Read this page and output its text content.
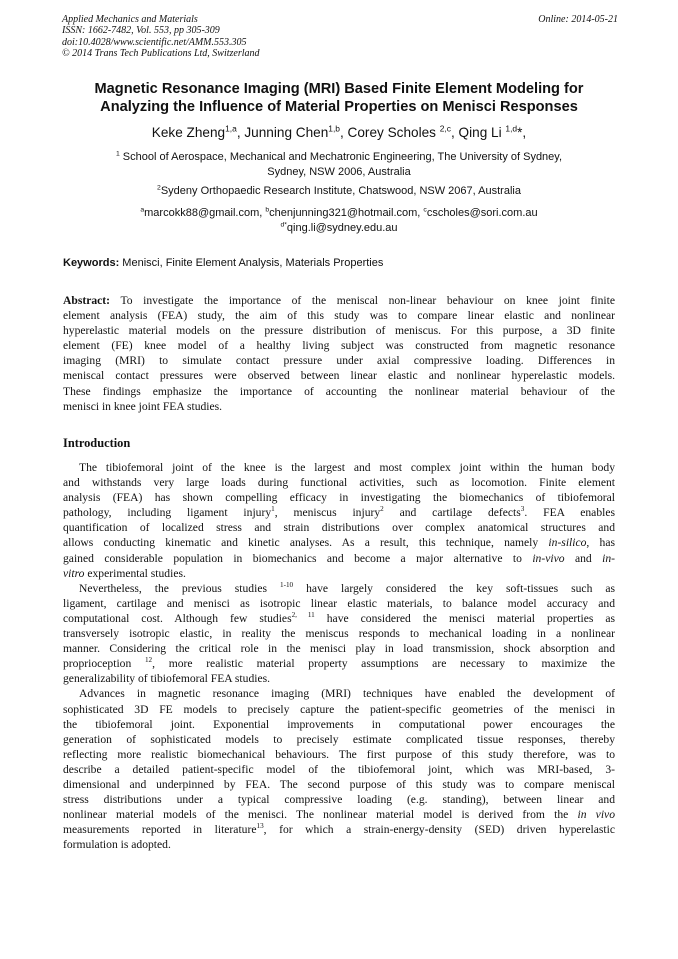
Applied Mechanics and Materials
ISSN: 1662-7482, Vol. 553, pp 305-309
doi:10.4028/www.scientific.net/AMM.553.305
© 2014 Trans Tech Publications Ltd, Switzerland
Online: 2014-05-21
Magnetic Resonance Imaging (MRI) Based Finite Element Modeling for
Analyzing the Influence of Material Properties on Menisci Responses
Keke Zheng$^{1,a}$, Junning Chen$^{1,b}$, Corey Scholes $^{2,c}$, Qing Li $^{1,d}$*,
$^1$ School of Aerospace, Mechanical and Mechatronic Engineering, The University of Sydney,
Sydney, NSW 2006, Australia
$^2$Sydeny Orthopaedic Research Institute, Chatswood, NSW 2067, Australia
$^a$marcokk88@gmail.com, $^b$chenjunning321@hotmail.com, $^c$cscholes@sori.com.au
$^{d*}$qing.li@sydney.edu.au
Keywords: Menisci, Finite Element Analysis, Materials Properties
Abstract: To investigate the importance of the meniscal non-linear behaviour on knee joint finite
element analysis (FEA) study, the aim of this study was to compare linear elastic and nonlinear
hyperelastic material models on the pressure distribution of meniscus. For this purpose, a 3D finite
element (FE) knee model of a healthy living subject was constructed from magnetic resonance
imaging (MRI) to simulate contact pressure under axial compressive loading. Differences in
meniscal contact pressures were observed between linear elastic and nonlinear hyperelastic models.
These findings emphasize the importance of accounting the nonlinear material behaviour of the
menisci in knee joint FEA studies.
Introduction
The tibiofemoral joint of the knee is the largest and most complex joint within the human body
and withstands very large loads during functional activities, such as locomotion. Finite element
analysis (FEA) has shown compelling efficacy in investigating the biomechanics of tibiofemoral
pathology, including ligament injury$^1$, meniscus injury$^2$ and cartilage defects$^3$. FEA enables
quantification of localized stress and strain distributions over complex anatomical structures and
allows conducting kinematic and kinetic analyses. As a result, this technique, namely in-silico, has
gained considerable population in biomechanics and become a major alternative to in-vivo and in-
vitro experimental studies.
Nevertheless, the previous studies $^{1-10}$ have largely considered the key soft-tissues such as
ligament, cartilage and menisci as isotropic linear elastic materials, to balance model accuracy and
computational cost. Although few studies$^{2, 11}$ have considered the menisci material properties as
transversely isotropic elastic, in reality the meniscus responds to mechanical loading in a nonlinear
manner. Considering the critical role in the menisci play in load transmission, shock absorption and
proprioception $^{12}$, more realistic material property assumptions are necessary to maximize the
generalizability of tibiofemoral FEA studies.
Advances in magnetic resonance imaging (MRI) techniques have enabled the development of
sophisticated 3D FE models to precisely capture the patient-specific geometries of the menisci in
the tibiofemoral joint. Exponential improvements in computational power encourages the
generation of sophisticated models to precisely estimate complicated tissue responses, thereby
reflecting more realistic biomechanical behaviours. The first purpose of this study therefore, was to
describe a detailed patient-specific model of the tibiofemoral joint, which was MRI-based, 3-
dimensional and underpinned by FEA. The second purpose of this study was to compare meniscal
stress distributions under a typical compressive loading (e.g. standing), between linear and
nonlinear material models of the menisci. The nonlinear material model is derived from the in vivo
measurements reported in literature$^{13}$, for which a strain-energy-density (SED) driven hyperelastic
formulation is adopted.
